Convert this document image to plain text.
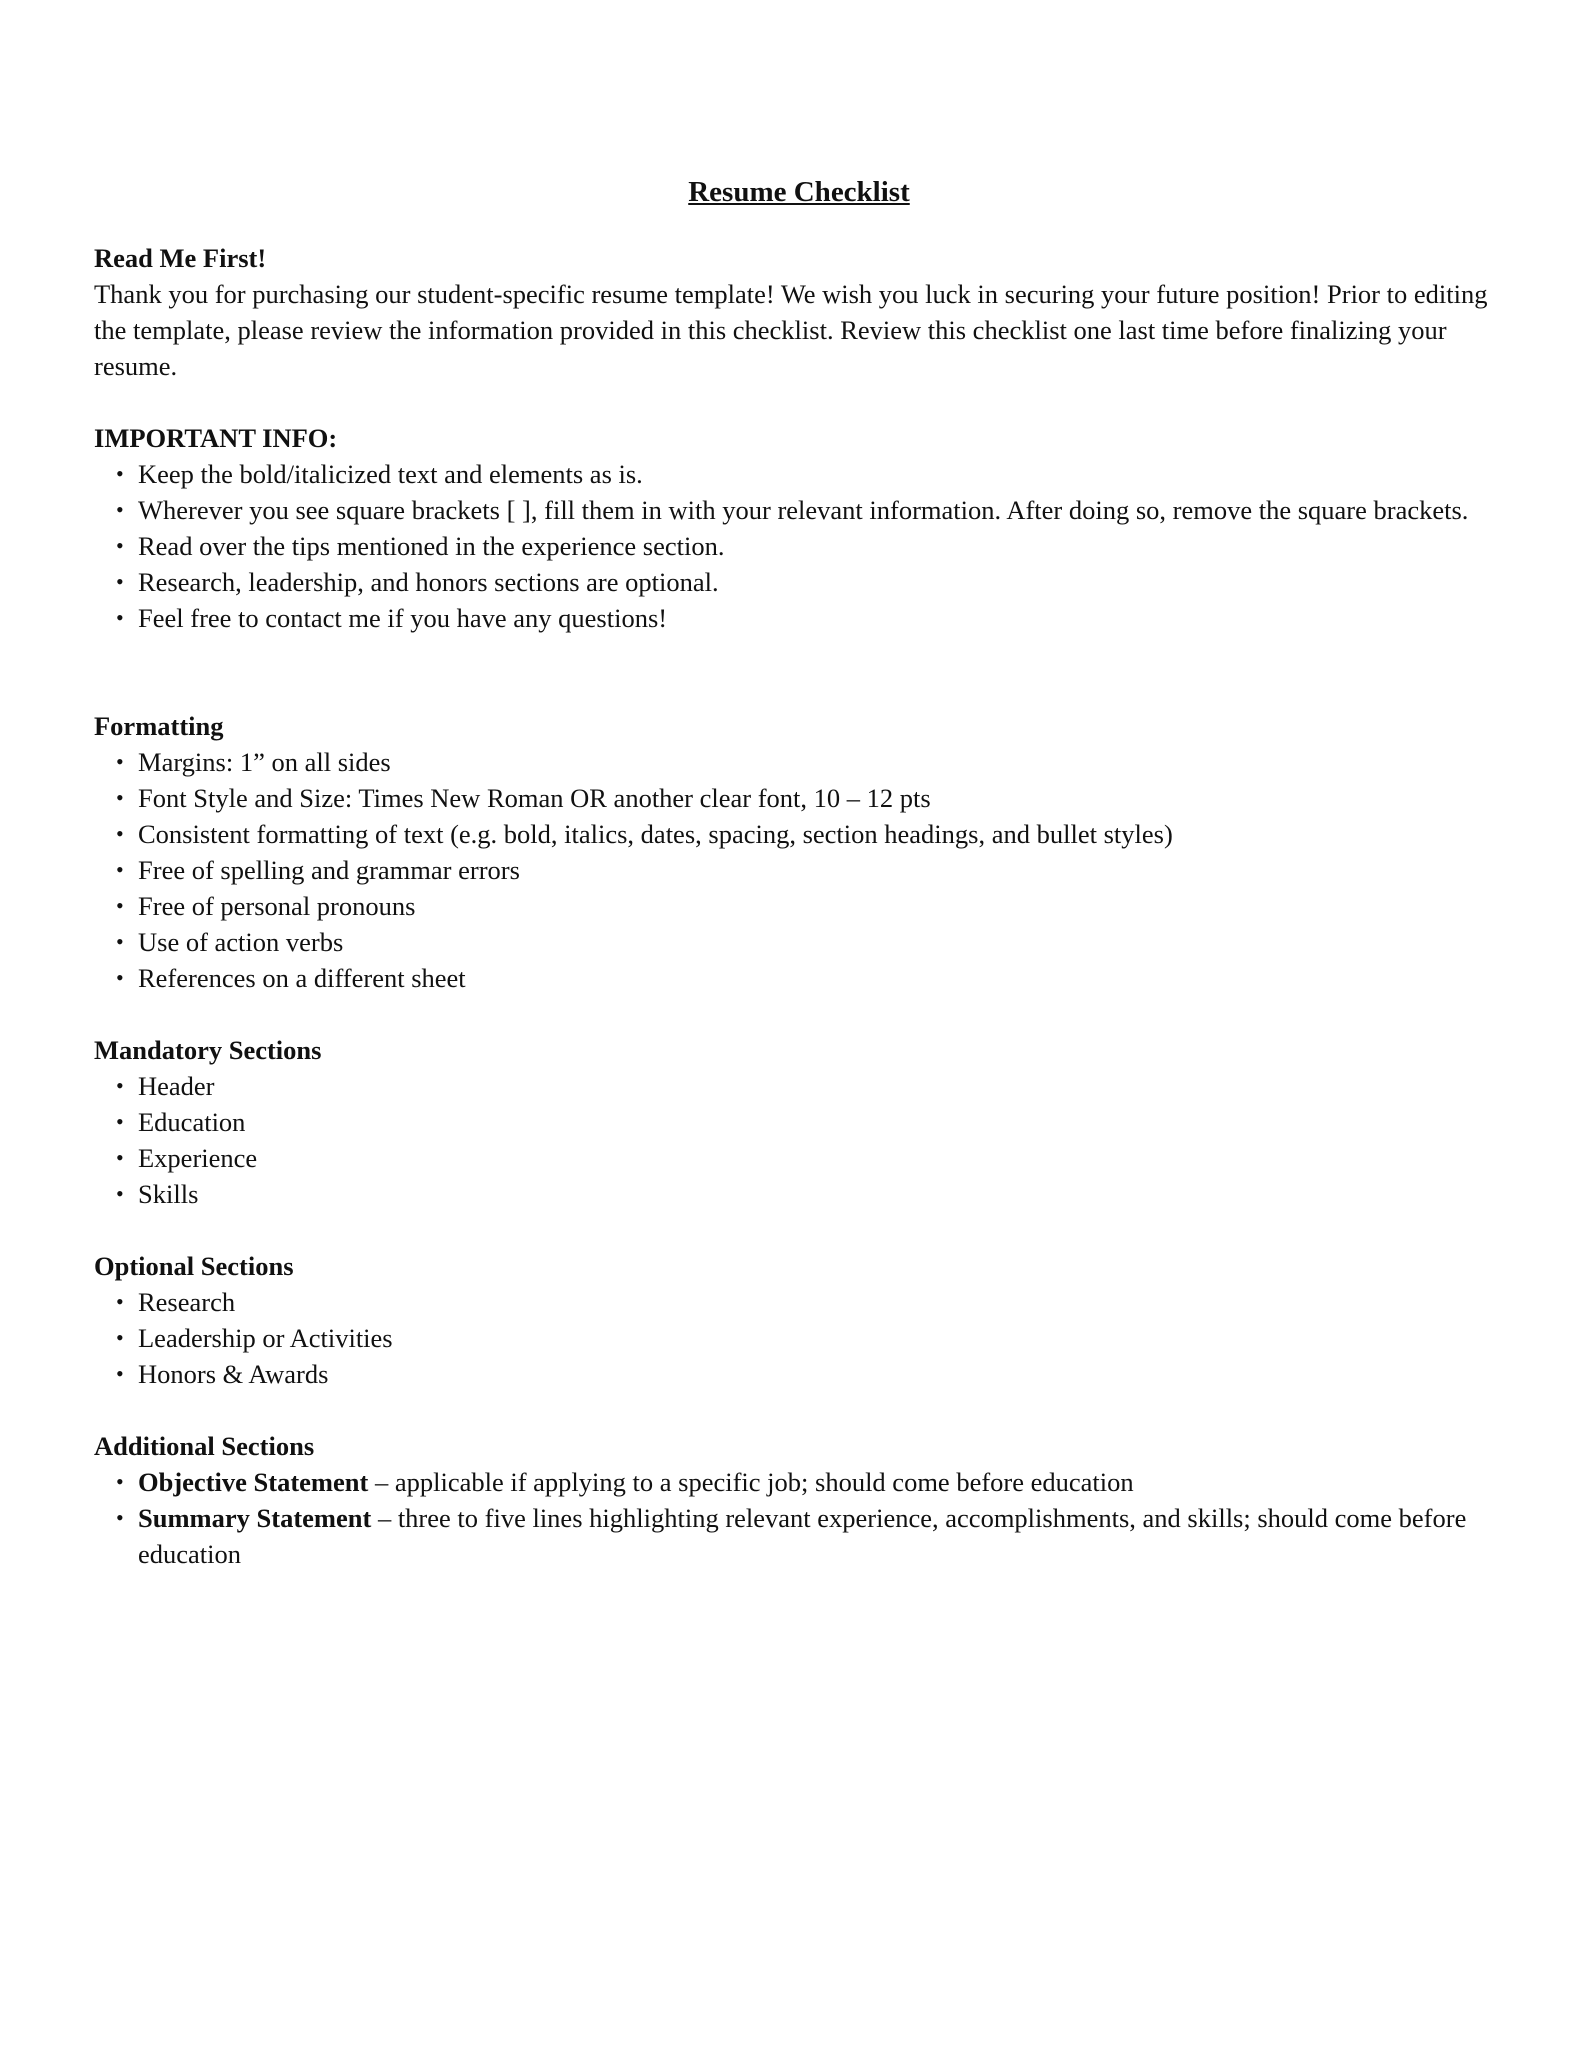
Resume Checklist

Read Me First!

Thank you for purchasing our student-specific resume template! We wish you luck in securing your future position! Prior to editing the template, please review the information provided in this checklist. Review this checklist one last time before finalizing your resume.

IMPORTANT INFO:

• Keep the bold/italicized text and elements as is.
• Wherever you see square brackets [ ], fill them in with your relevant information. After doing so, remove the square brackets.
• Read over the tips mentioned in the experience section.
• Research, leadership, and honors sections are optional.
• Feel free to contact me if you have any questions!

Formatting

• Margins: 1” on all sides
• Font Style and Size: Times New Roman OR another clear font, 10 – 12 pts
• Consistent formatting of text (e.g. bold, italics, dates, spacing, section headings, and bullet styles)
• Free of spelling and grammar errors
• Free of personal pronouns
• Use of action verbs
• References on a different sheet

Mandatory Sections

• Header
• Education
• Experience
• Skills

Optional Sections

• Research
• Leadership or Activities
• Honors & Awards

Additional Sections

• Objective Statement – applicable if applying to a specific job; should come before education
• Summary Statement – three to five lines highlighting relevant experience, accomplishments, and skills; should come before education
